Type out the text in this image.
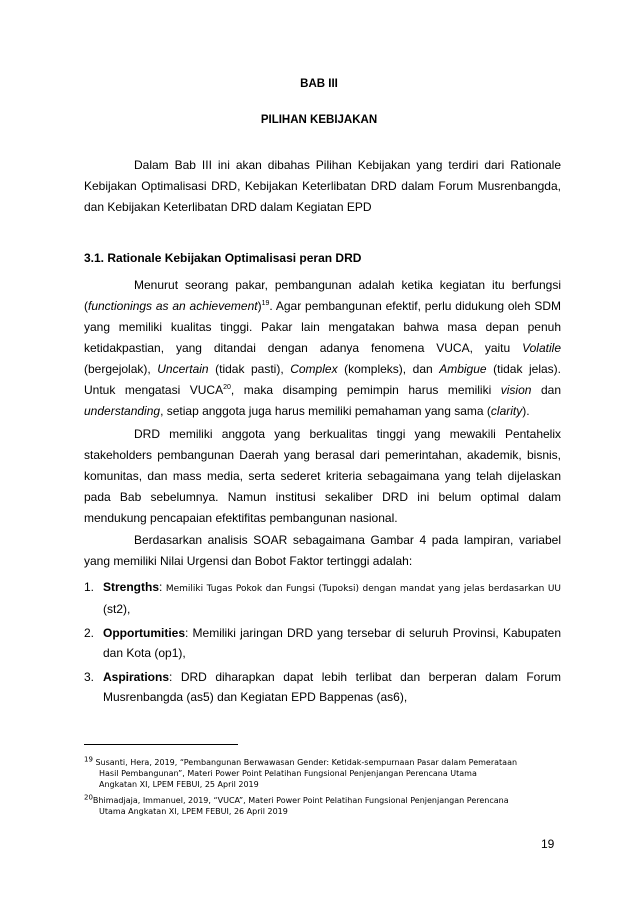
BAB III
PILIHAN KEBIJAKAN
Dalam Bab III ini akan dibahas Pilihan Kebijakan yang terdiri dari Rationale Kebijakan Optimalisasi DRD, Kebijakan Keterlibatan DRD dalam Forum Musrenbangda, dan Kebijakan Keterlibatan DRD dalam Kegiatan EPD
3.1. Rationale Kebijakan Optimalisasi peran DRD
Menurut seorang pakar, pembangunan adalah ketika kegiatan itu berfungsi (functionings as an achievement)$^{19}$. Agar pembangunan efektif, perlu didukung oleh SDM yang memiliki kualitas tinggi. Pakar lain mengatakan bahwa masa depan penuh ketidakpastian, yang ditandai dengan adanya fenomena VUCA, yaitu Volatile (bergejolak), Uncertain (tidak pasti), Complex (kompleks), dan Ambigue (tidak jelas). Untuk mengatasi VUCA$^{20}$, maka disamping pemimpin harus memiliki vision dan understanding, setiap anggota juga harus memiliki pemahaman yang sama (clarity).
DRD memiliki anggota yang berkualitas tinggi yang mewakili Pentahelix stakeholders pembangunan Daerah yang berasal dari pemerintahan, akademik, bisnis, komunitas, dan mass media, serta sederet kriteria sebagaimana yang telah dijelaskan pada Bab sebelumnya. Namun institusi sekaliber DRD ini belum optimal dalam mendukung pencapaian efektifitas pembangunan nasional.
Berdasarkan analisis SOAR sebagaimana Gambar 4 pada lampiran, variabel yang memiliki Nilai Urgensi dan Bobot Faktor tertinggi adalah:
1. Strengths: Memiliki Tugas Pokok dan Fungsi (Tupoksi) dengan mandat yang jelas berdasarkan UU (st2),
2. Opportumities: Memiliki jaringan DRD yang tersebar di seluruh Provinsi, Kabupaten dan Kota (op1),
3. Aspirations: DRD diharapkan dapat lebih terlibat dan berperan dalam Forum Musrenbangda (as5) dan Kegiatan EPD Bappenas (as6),
$^{19}$ Susanti, Hera, 2019, “Pembangunan Berwawasan Gender: Ketidak-sempurnaan Pasar dalam Pemerataan
Hasil Pembangunan”, Materi Power Point Pelatihan Fungsional Penjenjangan Perencana Utama
Angkatan XI, LPEM FEBUI, 25 April 2019
$^{20}$Bhimadjaja, Immanuel, 2019, “VUCA”, Materi Power Point Pelatihan Fungsional Penjenjangan Perencana
Utama Angkatan XI, LPEM FEBUI, 26 April 2019
19
